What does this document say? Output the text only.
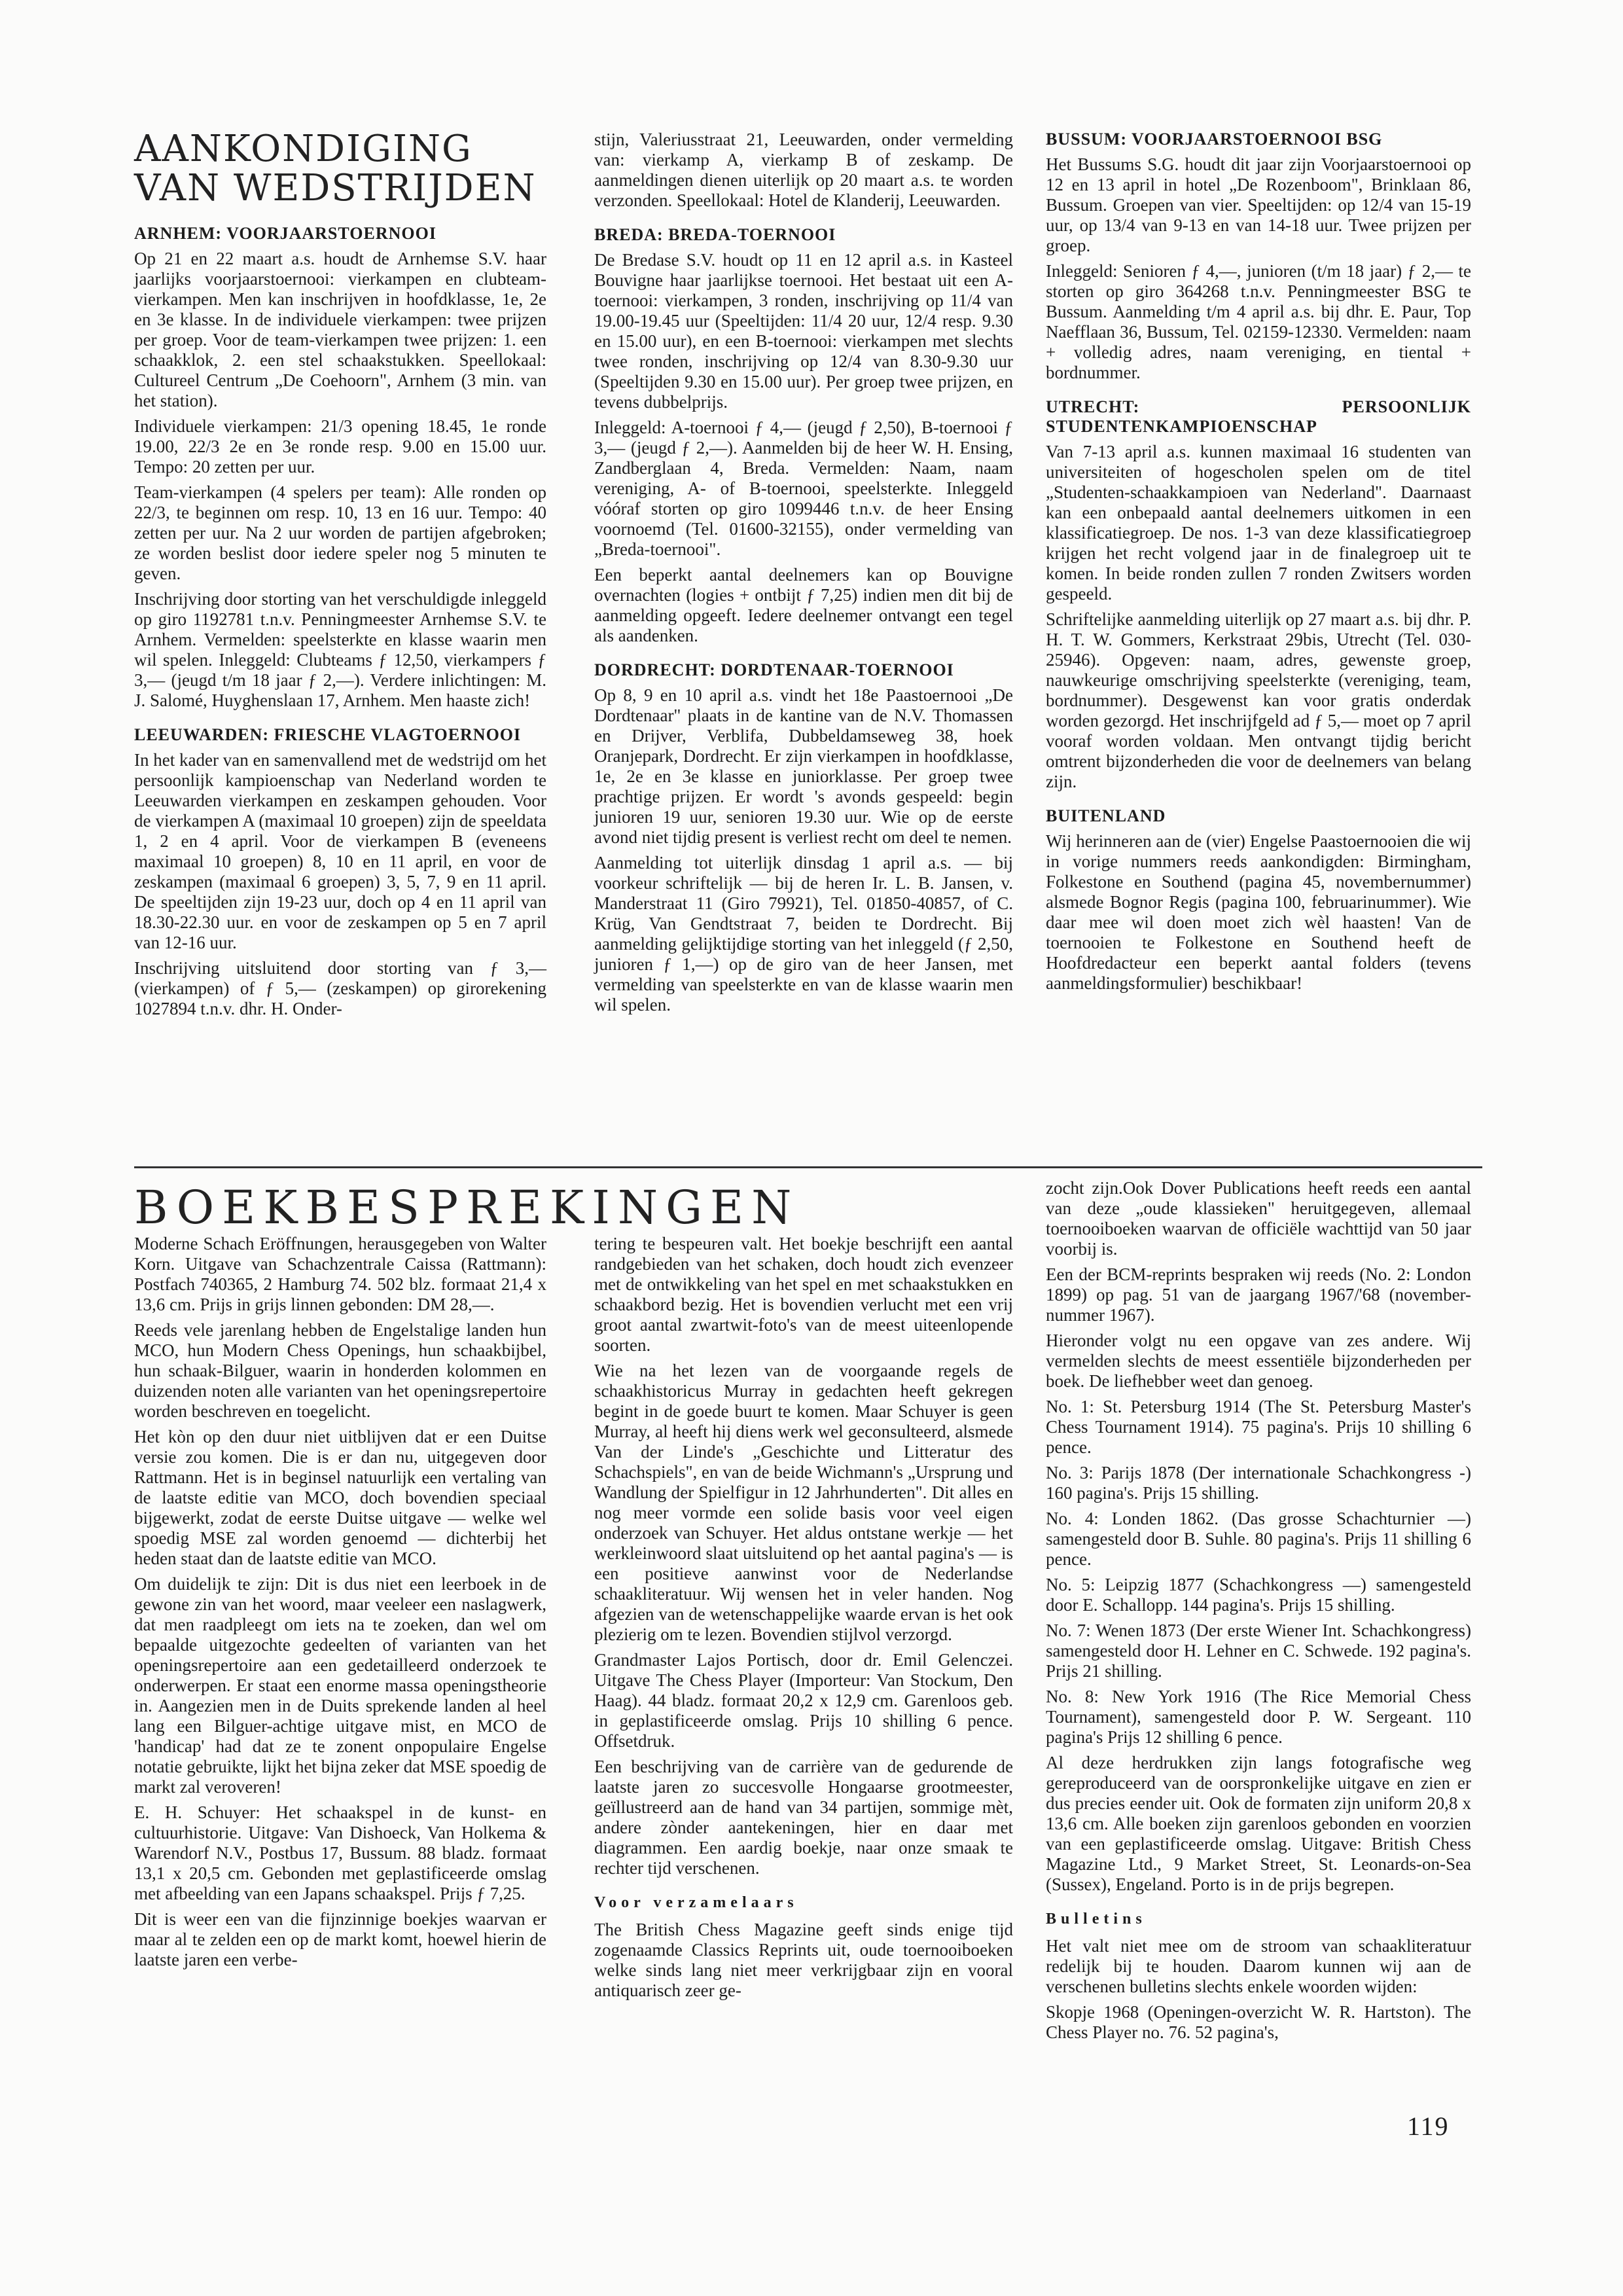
AANKONDIGING VAN WEDSTRIJDEN
ARNHEM: VOORJAARSTOERNOOI

Op 21 en 22 maart a.s. houdt de Arnhemse S.V. haar jaarlijks voorjaarstoernooi: vierkampen en clubteam-vierkampen. Men kan inschrijven in hoofdklasse, 1e, 2e en 3e klasse. In de individuele vierkampen: twee prijzen per groep. Voor de team-vierkampen twee prijzen: 1. een schaakklok, 2. een stel schaakstukken. Speellokaal: Cultureel Centrum „De Coehoorn", Arnhem (3 min. van het station).

Individuele vierkampen: 21/3 opening 18.45, 1e ronde 19.00, 22/3 2e en 3e ronde resp. 9.00 en 15.00 uur. Tempo: 20 zetten per uur.

Team-vierkampen (4 spelers per team): Alle ronden op 22/3, te beginnen om resp. 10, 13 en 16 uur. Tempo: 40 zetten per uur. Na 2 uur worden de partijen afgebroken; ze worden beslist door iedere speler nog 5 minuten te geven.

Inschrijving door storting van het verschuldigde inleggeld op giro 1192781 t.n.v. Penningmeester Arnhemse S.V. te Arnhem. Vermelden: speelsterkte en klasse waarin men wil spelen. Inleggeld: Clubteams ƒ 12,50, vierkampers ƒ 3,— (jeugd t/m 18 jaar ƒ 2,—). Verdere inlichtingen: M. J. Salomé, Huyghenslaan 17, Arnhem. Men haaste zich!

LEEUWARDEN: FRIESCHE VLAGTOERNOOI

In het kader van en samenvallend met de wedstrijd om het persoonlijk kampioenschap van Nederland worden te Leeuwarden vierkampen en zeskampen gehouden. Voor de vierkampen A (maximaal 10 groepen) zijn de speeldata 1, 2 en 4 april. Voor de vierkampen B (eveneens maximaal 10 groepen) 8, 10 en 11 april, en voor de zeskampen (maximaal 6 groepen) 3, 5, 7, 9 en 11 april. De speeltijden zijn 19-23 uur, doch op 4 en 11 april van 18.30-22.30 uur. en voor de zeskampen op 5 en 7 april van 12-16 uur.

Inschrijving uitsluitend door storting van ƒ 3,— (vierkampen) of ƒ 5,— (zeskampen) op girorekening 1027894 t.n.v. dhr. H. Onder-

stijn, Valeriusstraat 21, Leeuwarden, onder vermelding van: vierkamp A, vierkamp B of zeskamp. De aanmeldingen dienen uiterlijk op 20 maart a.s. te worden verzonden. Speellokaal: Hotel de Klanderij, Leeuwarden.

BREDA: BREDA-TOERNOOI

De Bredase S.V. houdt op 11 en 12 april a.s. in Kasteel Bouvigne haar jaarlijkse toernooi. Het bestaat uit een A-toernooi: vierkampen, 3 ronden, inschrijving op 11/4 van 19.00-19.45 uur (Speeltijden: 11/4 20 uur, 12/4 resp. 9.30 en 15.00 uur), en een B-toernooi: vierkampen met slechts twee ronden, inschrijving op 12/4 van 8.30-9.30 uur (Speeltijden 9.30 en 15.00 uur). Per groep twee prijzen, en tevens dubbelprijs.

Inleggeld: A-toernooi ƒ 4,— (jeugd ƒ 2,50), B-toernooi ƒ 3,— (jeugd ƒ 2,—). Aanmelden bij de heer W. H. Ensing, Zandberglaan 4, Breda. Vermelden: Naam, naam vereniging, A- of B-toernooi, speelsterkte. Inleggeld vóóraf storten op giro 1099446 t.n.v. de heer Ensing voornoemd (Tel. 01600-32155), onder vermelding van „Breda-toernooi".

Een beperkt aantal deelnemers kan op Bouvigne overnachten (logies + ontbijt ƒ 7,25) indien men dit bij de aanmelding opgeeft. Iedere deelnemer ontvangt een tegel als aandenken.

DORDRECHT: DORDTENAAR-TOERNOOI

Op 8, 9 en 10 april a.s. vindt het 18e Paastoernooi „De Dordtenaar" plaats in de kantine van de N.V. Thomassen en Drijver, Verblifa, Dubbeldamseweg 38, hoek Oranjepark, Dordrecht. Er zijn vierkampen in hoofdklasse, 1e, 2e en 3e klasse en juniorklasse. Per groep twee prachtige prijzen. Er wordt 's avonds gespeeld: begin junioren 19 uur, senioren 19.30 uur. Wie op de eerste avond niet tijdig present is verliest recht om deel te nemen.

Aanmelding tot uiterlijk dinsdag 1 april a.s. — bij voorkeur schriftelijk — bij de heren Ir. L. B. Jansen, v. Manderstraat 11 (Giro 79921), Tel. 01850-40857, of C. Krüg, Van Gendtstraat 7, beiden te Dordrecht. Bij aanmelding gelijktijdige storting van het inleggeld (ƒ 2,50, junioren ƒ 1,—) op de giro van de heer Jansen, met vermelding van speelsterkte en van de klasse waarin men wil spelen.

BUSSUM: VOORJAARSTOERNOOI BSG

Het Bussums S.G. houdt dit jaar zijn Voorjaarstoernooi op 12 en 13 april in hotel „De Rozenboom", Brinklaan 86, Bussum. Groepen van vier. Speeltijden: op 12/4 van 15-19 uur, op 13/4 van 9-13 en van 14-18 uur. Twee prijzen per groep.

Inleggeld: Senioren ƒ 4,—, junioren (t/m 18 jaar) ƒ 2,— te storten op giro 364268 t.n.v. Penningmeester BSG te Bussum. Aanmelding t/m 4 april a.s. bij dhr. E. Paur, Top Naefflaan 36, Bussum, Tel. 02159-12330. Vermelden: naam + volledig adres, naam vereniging, en tiental + bordnummer.

UTRECHT: PERSOONLIJK STUDENTENKAMPIOENSCHAP

Van 7-13 april a.s. kunnen maximaal 16 studenten van universiteiten of hogescholen spelen om de titel „Studenten-schaakkampioen van Nederland". Daarnaast kan een onbepaald aantal deelnemers uitkomen in een klassificatiegroep. De nos. 1-3 van deze klassificatiegroep krijgen het recht volgend jaar in de finalegroep uit te komen. In beide ronden zullen 7 ronden Zwitsers worden gespeeld.

Schriftelijke aanmelding uiterlijk op 27 maart a.s. bij dhr. P. H. T. W. Gommers, Kerkstraat 29bis, Utrecht (Tel. 030-25946). Opgeven: naam, adres, gewenste groep, nauwkeurige omschrijving speelsterkte (vereniging, team, bordnummer). Desgewenst kan voor gratis onderdak worden gezorgd. Het inschrijfgeld ad ƒ 5,— moet op 7 april vooraf worden voldaan. Men ontvangt tijdig bericht omtrent bijzonderheden die voor de deelnemers van belang zijn.

BUITENLAND

Wij herinneren aan de (vier) Engelse Paastoernooien die wij in vorige nummers reeds aankondigden: Birmingham, Folkestone en Southend (pagina 45, novembernummer) alsmede Bognor Regis (pagina 100, februarinummer). Wie daar mee wil doen moet zich wèl haasten! Van de toernooien te Folkestone en Southend heeft de Hoofdredacteur een beperkt aantal folders (tevens aanmeldingsformulier) beschikbaar!

BOEKBESPREKINGEN

Moderne Schach Eröffnungen, herausgegeben von Walter Korn. Uitgave van Schachzentrale Caissa (Rattmann): Postfach 740365, 2 Hamburg 74. 502 blz. formaat 21,4 x 13,6 cm. Prijs in grijs linnen gebonden: DM 28,—.

Reeds vele jarenlang hebben de Engelstalige landen hun MCO, hun Modern Chess Openings, hun schaakbijbel, hun schaak-Bilguer, waarin in honderden kolommen en duizenden noten alle varianten van het openingsrepertoire worden beschreven en toegelicht.

Het kòn op den duur niet uitblijven dat er een Duitse versie zou komen. Die is er dan nu, uitgegeven door Rattmann. Het is in beginsel natuurlijk een vertaling van de laatste editie van MCO, doch bovendien speciaal bijgewerkt, zodat de eerste Duitse uitgave — welke wel spoedig MSE zal worden genoemd — dichterbij het heden staat dan de laatste editie van MCO.

Om duidelijk te zijn: Dit is dus niet een leerboek in de gewone zin van het woord, maar veeleer een naslagwerk, dat men raadpleegt om iets na te zoeken, dan wel om bepaalde uitgezochte gedeelten of varianten van het openingsrepertoire aan een gedetailleerd onderzoek te onderwerpen. Er staat een enorme massa openingstheorie in. Aangezien men in de Duits sprekende landen al heel lang een Bilguer-achtige uitgave mist, en MCO de 'handicap' had dat ze te zonent onpopulaire Engelse notatie gebruikte, lijkt het bijna zeker dat MSE spoedig de markt zal veroveren!

E. H. Schuyer: Het schaakspel in de kunst- en cultuurhistorie. Uitgave: Van Dishoeck, Van Holkema & Warendorf N.V., Postbus 17, Bussum. 88 bladz. formaat 13,1 x 20,5 cm. Gebonden met geplastificeerde omslag met afbeelding van een Japans schaakspel. Prijs ƒ 7,25.

Dit is weer een van die fijnzinnige boekjes waarvan er maar al te zelden een op de markt komt, hoewel hierin de laatste jaren een verbe-

tering te bespeuren valt. Het boekje beschrijft een aantal randgebieden van het schaken, doch houdt zich evenzeer met de ontwikkeling van het spel en met schaakstukken en schaakbord bezig. Het is bovendien verlucht met een vrij groot aantal zwartwit-foto's van de meest uiteenlopende soorten.

Wie na het lezen van de voorgaande regels de schaakhistoricus Murray in gedachten heeft gekregen begint in de goede buurt te komen. Maar Schuyer is geen Murray, al heeft hij diens werk wel geconsulteerd, alsmede Van der Linde's „Geschichte und Litteratur des Schachspiels", en van de beide Wichmann's „Ursprung und Wandlung der Spielfigur in 12 Jahrhunderten". Dit alles en nog meer vormde een solide basis voor veel eigen onderzoek van Schuyer. Het aldus ontstane werkje — het werkleinwoord slaat uitsluitend op het aantal pagina's — is een positieve aanwinst voor de Nederlandse schaakliteratuur. Wij wensen het in veler handen. Nog afgezien van de wetenschappelijke waarde ervan is het ook plezierig om te lezen. Bovendien stijlvol verzorgd.

Grandmaster Lajos Portisch, door dr. Emil Gelenczei. Uitgave The Chess Player (Importeur: Van Stockum, Den Haag). 44 bladz. formaat 20,2 x 12,9 cm. Garenloos geb. in geplastificeerde omslag. Prijs 10 shilling 6 pence. Offsetdruk.

Een beschrijving van de carrière van de gedurende de laatste jaren zo succesvolle Hongaarse grootmeester, geïllustreerd aan de hand van 34 partijen, sommige mèt, andere zònder aantekeningen, hier en daar met diagrammen. Een aardig boekje, naar onze smaak te rechter tijd verschenen.

Voor verzamelaars

The British Chess Magazine geeft sinds enige tijd zogenaamde Classics Reprints uit, oude toernooiboeken welke sinds lang niet meer verkrijgbaar zijn en vooral antiquarisch zeer ge-

zocht zijn.Ook Dover Publications heeft reeds een aantal van deze „oude klassieken" heruitgegeven, allemaal toernooiboeken waarvan de officiële wachttijd van 50 jaar voorbij is.

Een der BCM-reprints bespraken wij reeds (No. 2: London 1899) op pag. 51 van de jaargang 1967/'68 (november-nummer 1967).

Hieronder volgt nu een opgave van zes andere. Wij vermelden slechts de meest essentiële bijzonderheden per boek. De liefhebber weet dan genoeg.

No. 1: St. Petersburg 1914 (The St. Petersburg Master's Chess Tournament 1914). 75 pagina's. Prijs 10 shilling 6 pence.

No. 3: Parijs 1878 (Der internationale Schachkongress -) 160 pagina's. Prijs 15 shilling.

No. 4: Londen 1862. (Das grosse Schachturnier —) samengesteld door B. Suhle. 80 pagina's. Prijs 11 shilling 6 pence.

No. 5: Leipzig 1877 (Schachkongress —) samengesteld door E. Schallopp. 144 pagina's. Prijs 15 shilling.

No. 7: Wenen 1873 (Der erste Wiener Int. Schachkongress) samengesteld door H. Lehner en C. Schwede. 192 pagina's. Prijs 21 shilling.

No. 8: New York 1916 (The Rice Memorial Chess Tournament), samengesteld door P. W. Sergeant. 110 pagina's Prijs 12 shilling 6 pence.

Al deze herdrukken zijn langs fotografische weg gereproduceerd van de oorspronkelijke uitgave en zien er dus precies eender uit. Ook de formaten zijn uniform 20,8 x 13,6 cm. Alle boeken zijn garenloos gebonden en voorzien van een geplastificeerde omslag. Uitgave: British Chess Magazine Ltd., 9 Market Street, St. Leonards-on-Sea (Sussex), Engeland. Porto is in de prijs begrepen.

Bulletins

Het valt niet mee om de stroom van schaakliteratuur redelijk bij te houden. Daarom kunnen wij aan de verschenen bulletins slechts enkele woorden wijden:

Skopje 1968 (Openingen-overzicht W. R. Hartston). The Chess Player no. 76. 52 pagina's,

119
